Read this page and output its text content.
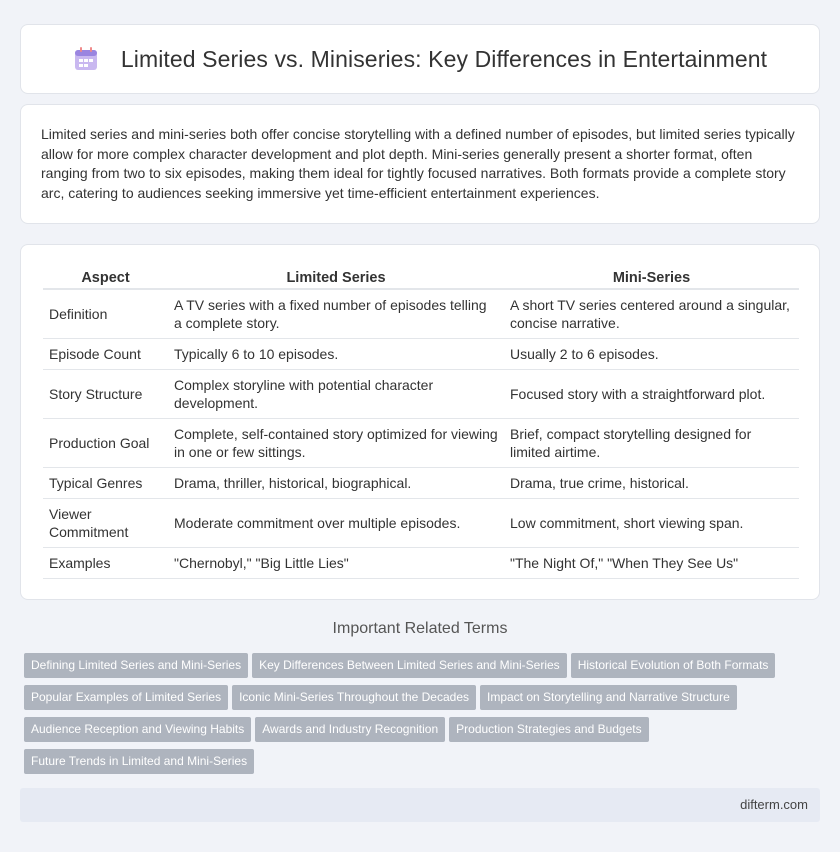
Limited Series vs. Miniseries: Key Differences in Entertainment

Limited series and mini-series both offer concise storytelling with a defined number of episodes, but limited series typically allow for more complex character development and plot depth. Mini-series generally present a shorter format, often ranging from two to six episodes, making them ideal for tightly focused narratives. Both formats provide a complete story arc, catering to audiences seeking immersive yet time-efficient entertainment experiences.

Aspect	Limited Series	Mini-Series
Definition	A TV series with a fixed number of episodes telling a complete story.	A short TV series centered around a singular, concise narrative.
Episode Count	Typically 6 to 10 episodes.	Usually 2 to 6 episodes.
Story Structure	Complex storyline with potential character development.	Focused story with a straightforward plot.
Production Goal	Complete, self-contained story optimized for viewing in one or few sittings.	Brief, compact storytelling designed for limited airtime.
Typical Genres	Drama, thriller, historical, biographical.	Drama, true crime, historical.
Viewer Commitment	Moderate commitment over multiple episodes.	Low commitment, short viewing span.
Examples	"Chernobyl," "Big Little Lies"	"The Night Of," "When They See Us"
Important Related Terms
Defining Limited Series and Mini-Series Key Differences Between Limited Series and Mini-Series Historical Evolution of Both Formats
Popular Examples of Limited Series Iconic Mini-Series Throughout the Decades Impact on Storytelling and Narrative Structure
Audience Reception and Viewing Habits Awards and Industry Recognition Production Strategies and Budgets
Future Trends in Limited and Mini-Series
difterm.com
